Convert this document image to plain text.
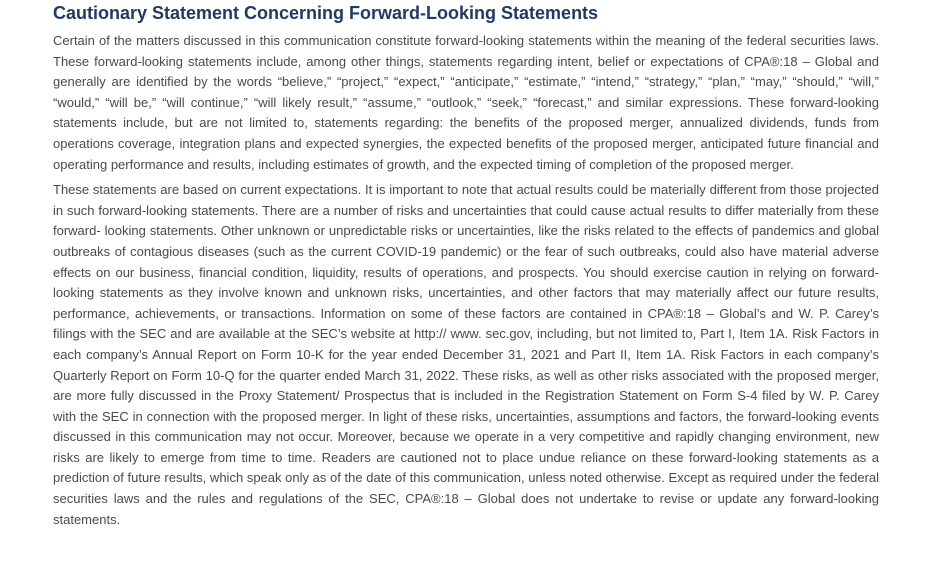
Cautionary Statement Concerning Forward-Looking Statements

Certain of the matters discussed in this communication constitute forward-looking statements within the meaning of the federal securities laws. These forward-looking statements include, among other things, statements regarding intent, belief or expectations of CPA®:18 – Global and generally are identified by the words “believe,” “project,” “expect,” “anticipate,” “estimate,” “intend,” “strategy,” “plan,” “may,” “should,” “will,” “would,” “will be,” “will continue,” “will likely result,” “assume,” “outlook,” “seek,” “forecast,” and similar expressions. These forward-looking statements include, but are not limited to, statements regarding: the benefits of the proposed merger, annualized dividends, funds from operations coverage, integration plans and expected synergies, the expected benefits of the proposed merger, anticipated future financial and operating performance and results, including estimates of growth, and the expected timing of completion of the proposed merger.

These statements are based on current expectations. It is important to note that actual results could be materially different from those projected in such forward-looking statements. There are a number of risks and uncertainties that could cause actual results to differ materially from these forward- looking statements. Other unknown or unpredictable risks or uncertainties, like the risks related to the effects of pandemics and global outbreaks of contagious diseases (such as the current COVID-19 pandemic) or the fear of such outbreaks, could also have material adverse effects on our business, financial condition, liquidity, results of operations, and prospects. You should exercise caution in relying on forward-looking statements as they involve known and unknown risks, uncertainties, and other factors that may materially affect our future results, performance, achievements, or transactions. Information on some of these factors are contained in CPA®:18 – Global’s and W. P. Carey’s filings with the SEC and are available at the SEC’s website at http:// www. sec.gov, including, but not limited to, Part I, Item 1A. Risk Factors in each company’s Annual Report on Form 10-K for the year ended December 31, 2021 and Part II, Item 1A. Risk Factors in each company’s Quarterly Report on Form 10-Q for the quarter ended March 31, 2022. These risks, as well as other risks associated with the proposed merger, are more fully discussed in the Proxy Statement/ Prospectus that is included in the Registration Statement on Form S-4 filed by W. P. Carey with the SEC in connection with the proposed merger. In light of these risks, uncertainties, assumptions and factors, the forward-looking events discussed in this communication may not occur. Moreover, because we operate in a very competitive and rapidly changing environment, new risks are likely to emerge from time to time. Readers are cautioned not to place undue reliance on these forward-looking statements as a prediction of future results, which speak only as of the date of this communication, unless noted otherwise. Except as required under the federal securities laws and the rules and regulations of the SEC, CPA®:18 – Global does not undertake to revise or update any forward-looking statements.
